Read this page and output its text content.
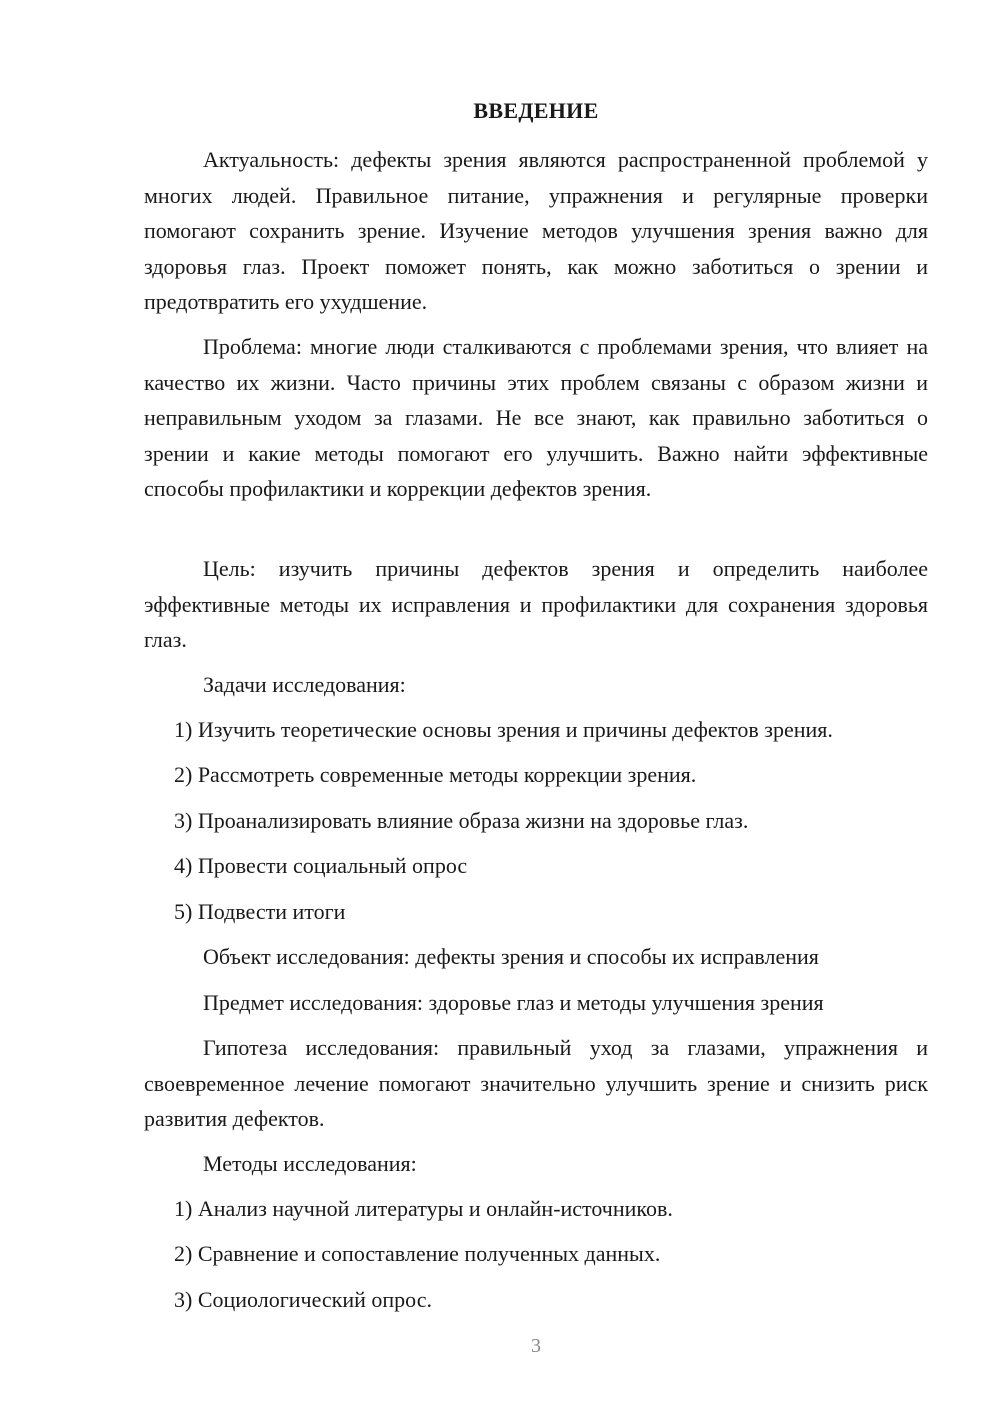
ВВЕДЕНИЕ

Актуальность: дефекты зрения являются распространенной проблемой у многих людей. Правильное питание, упражнения и регулярные проверки помогают сохранить зрение. Изучение методов улучшения зрения важно для здоровья глаз. Проект поможет понять, как можно заботиться о зрении и предотвратить его ухудшение.

Проблема: многие люди сталкиваются с проблемами зрения, что влияет на качество их жизни. Часто причины этих проблем связаны с образом жизни и неправильным уходом за глазами. Не все знают, как правильно заботиться о зрении и какие методы помогают его улучшить. Важно найти эффективные способы профилактики и коррекции дефектов зрения.

Цель: изучить причины дефектов зрения и определить наиболее эффективные методы их исправления и профилактики для сохранения здоровья глаз.

Задачи исследования:

1) Изучить теоретические основы зрения и причины дефектов зрения.

2) Рассмотреть современные методы коррекции зрения.

3) Проанализировать влияние образа жизни на здоровье глаз.

4) Провести социальный опрос

5) Подвести итоги

Объект исследования: дефекты зрения и способы их исправления

Предмет исследования: здоровье глаз и методы улучшения зрения

Гипотеза исследования: правильный уход за глазами, упражнения и своевременное лечение помогают значительно улучшить зрение и снизить риск развития дефектов.

Методы исследования:

1) Анализ научной литературы и онлайн-источников.

2) Сравнение и сопоставление полученных данных.

3) Социологический опрос.

3
